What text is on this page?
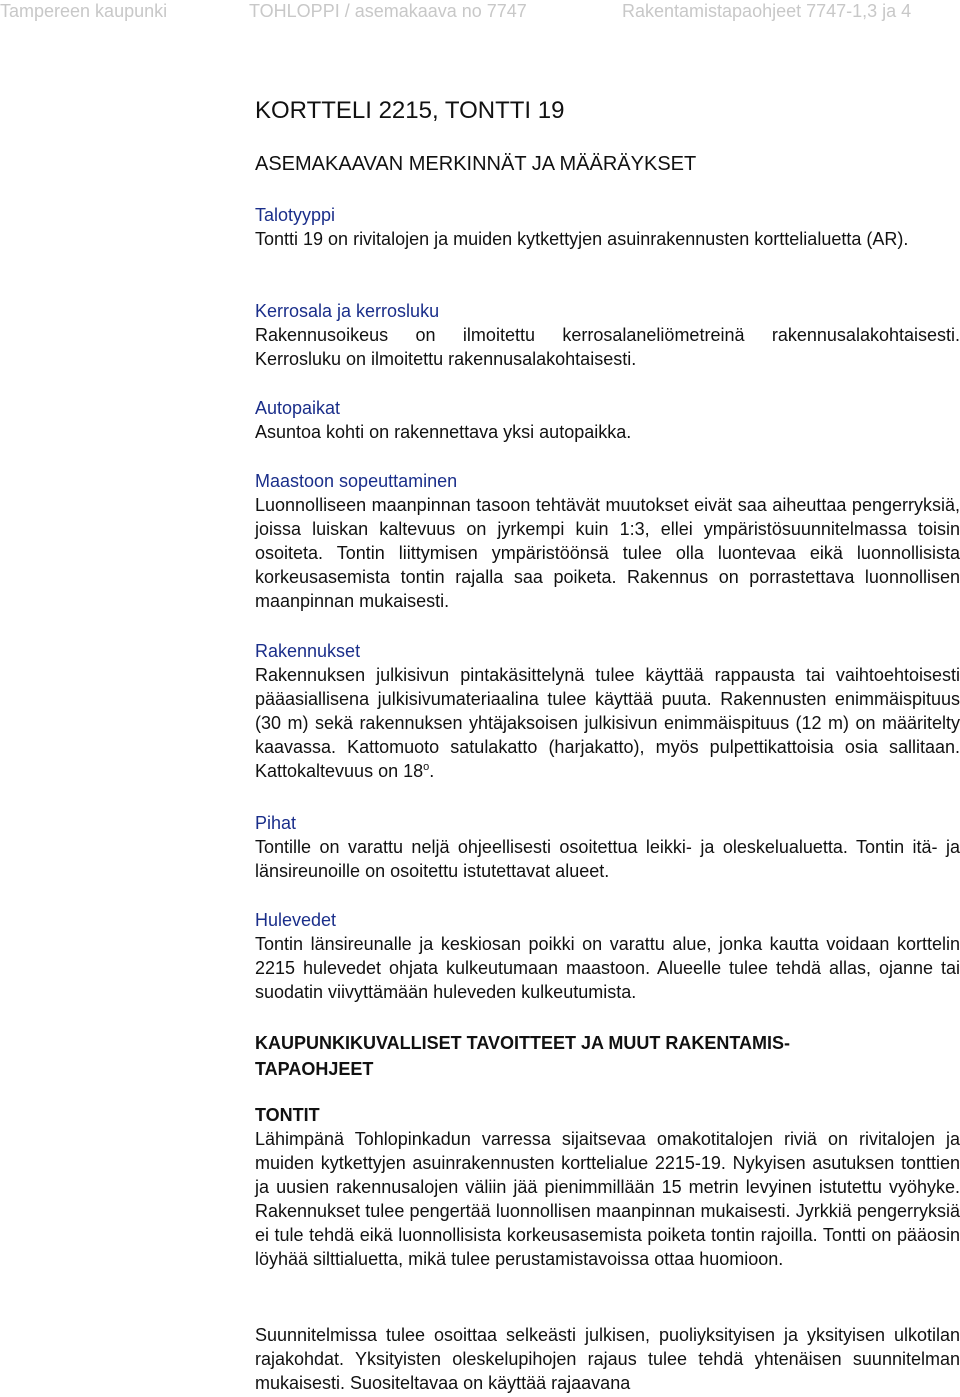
Tampereen kaupunki	TOHLOPPI / asemakaava no 7747	Rakentamistapaohjeet 7747-1,3 ja 4
KORTTELI 2215, TONTTI 19
ASEMAKAAVAN MERKINNÄT JA MÄÄRÄYKSET
Talotyyppi
Tontti 19 on rivitalojen ja muiden kytkettyjen asuinrakennusten korttelialuetta (AR).
Kerrosala ja kerrosluku
Rakennusoikeus on ilmoitettu kerrosalaneliömetreinä rakennusalakohtaisesti. Kerrosluku on ilmoitettu rakennusalakohtaisesti.
Autopaikat
Asuntoa kohti on rakennettava yksi autopaikka.
Maastoon sopeuttaminen
Luonnolliseen maanpinnan tasoon tehtävät muutokset eivät saa aiheuttaa pengerryksiä, joissa luiskan kaltevuus on jyrkempi kuin 1:3, ellei ympäristösuunnitelmassa toisin osoiteta. Tontin liittymisen ympäristöönsä tulee olla luontevaa eikä luonnollisista korkeusasemista tontin rajalla saa poiketa. Rakennus on porrastettava luonnollisen maanpinnan mukaisesti.
Rakennukset
Rakennuksen julkisivun pintakäsittelynä tulee käyttää rappausta tai vaihtoehtoisesti pääasiallisena julkisivumateriaalina tulee käyttää puuta. Rakennusten enimmäispituus (30 m) sekä rakennuksen yhtäjaksoisen julkisivun enimmäispituus (12 m) on määritelty kaavassa. Kattomuoto satulakatto (harjakatto), myös pulpettikattoisia osia sallitaan. Kattokaltevuus on 18$^o$.
Pihat
Tontille on varattu neljä ohjeellisesti osoitettua leikki- ja oleskelualuetta. Tontin itä- ja länsireunoille on osoitettu istutettavat alueet.
Hulevedet
Tontin länsireunalle ja keskiosan poikki on varattu alue, jonka kautta voidaan korttelin 2215 hulevedet ohjata kulkeutumaan maastoon. Alueelle tulee tehdä allas, ojanne tai suodatin viivyttämään huleveden kulkeutumista.
KAUPUNKIKUVALLISET TAVOITTEET JA MUUT RAKENTAMISTAPAOHJEET
TONTIT
Lähimpänä Tohlopinkadun varressa sijaitsevaa omakotitalojen riviä on rivitalojen ja muiden kytkettyjen asuinrakennusten korttelialue 2215-19. Nykyisen asutuksen tonttien ja uusien rakennusalojen väliin jää pienimmillään 15 metrin levyinen istutettu vyöhyke. Rakennukset tulee pengertää luonnollisen maanpinnan mukaisesti. Jyrkkiä pengerryksiä ei tule tehdä eikä luonnollisista korkeusasemista poiketa tontin rajoilla. Tontti on pääosin löyhää silttialuetta, mikä tulee perustamistavoissa ottaa huomioon.
Suunnitelmissa tulee osoittaa selkeästi julkisen, puoliyksityisen ja yksityisen ulkotilan rajakohdat. Yksityisten oleskelupihojen rajaus tulee tehdä yhtenäisen suunnitelman mukaisesti. Suositeltavaa on käyttää rajaavana
